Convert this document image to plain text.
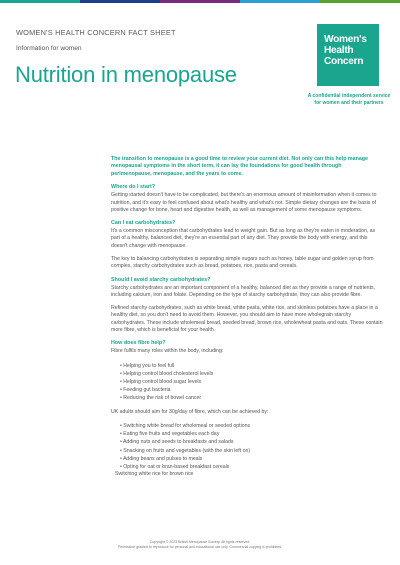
WOMEN'S HEALTH CONCERN FACT SHEET
Information for women
Nutrition in menopause
Women's
Health
Concern
A confidential independent service for women and their partners

The transition to menopause is a good time to review your current diet. Not only can this help manage menopausal symptoms in the short term, it can lay the foundations for good health through perimenopause, menopause, and the years to come.

Where do I start?

Getting started doesn't have to be complicated, but there's an enormous amount of misinformation when it comes to nutrition, and it's easy to feel confused about what's healthy and what's not. Simple dietary changes are the basis of positive change for bone, heart and digestive health, as well as management of some menopause symptoms.

Can I eat carbohydrates?

It's a common misconception that carbohydrates lead to weight gain. But as long as they're eaten in moderation, as part of a healthy, balanced diet, they're an essential part of any diet. They provide the body with energy, and this doesn't change with menopause.

The key to balancing carbohydrates is separating simple sugars such as honey, table sugar and golden syrup from complex, starchy carbohydrates such as bread, potatoes, rice, pasta and cereals.

Should I avoid starchy carbohydrates?

Starchy carbohydrates are an important component of a healthy, balanced diet as they provide a range of nutrients, including calcium, iron and folate. Depending on the type of starchy carbohydrate, they can also provide fibre.

Refined starchy carbohydrates, such as white bread, white pasta, white rice, and skinless potatoes have a place in a healthy diet, so you don't need to avoid them. However, you should aim to have more wholegrain starchy carbohydrates. These include wholemeal bread, seeded bread, brown rice, wholewheat pasta and oats. These contain more fibre, which is beneficial for your health.

How does fibre help?

Fibre fulfils many roles within the body, including:

• Helping you to feel full
• Helping control blood cholesterol levels
• Helping control blood sugar levels
• Feeding gut bacteria
• Reducing the risk of bowel cancer

UK adults should aim for 30g/day of fibre, which can be achieved by:

• Switching white bread for wholemeal or seeded options
• Eating five fruits and vegetables each day
• Adding nuts and seeds to breakfasts and salads
• Snacking on fruits and vegetables (with the skin left on)
• Adding beans and pulses to meals
• Opting for oat or bran-based breakfast cereals
Switching white rice for brown rice
Copyright © 2023 British Menopause Society. All rights reserved.
Permission granted to reproduce for personal and educational use only. Commercial copying is prohibited.
